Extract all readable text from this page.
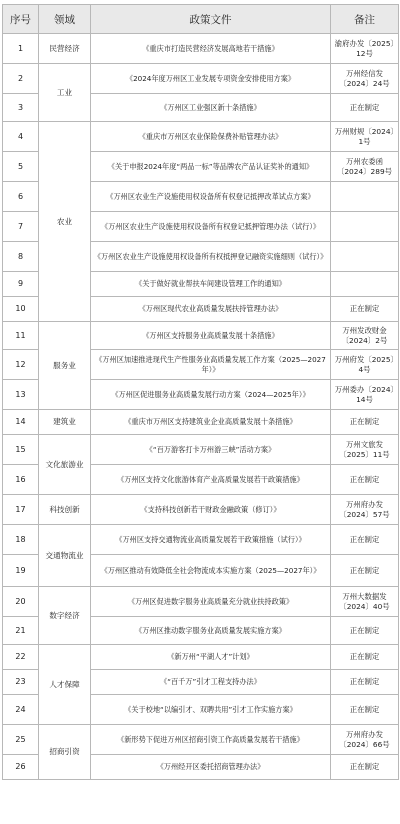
序号	领域	政策文件	备注
1	民营经济	《重庆市打造民营经济发展高地若干措施》	渝府办发〔2025〕12号
2	工业	《2024年度万州区工业发展专项资金安排使用方案》	万州经信发〔2024〕24号
3		《万州区工业强区新十条措施》	正在制定
4	农业	《重庆市万州区农业保险保费补贴管理办法》	万州财规〔2024〕1号
5		《关于申报2024年度“两品一标”等品牌农产品认证奖补的通知》	万州农委函〔2024〕289号
6		《万州区农业生产设施使用权设备所有权登记抵押改革试点方案》	
7		《万州区农业生产设施使用权设备所有权登记抵押管理办法（试行）》	
8		《万州区农业生产设施使用权设备所有权抵押登记融资实施细则（试行）》	
9		《关于做好就业帮扶车间建设管理工作的通知》	
10		《万州区现代农业高质量发展扶持管理办法》	正在制定
11	服务业	《万州区支持服务业高质量发展十条措施》	万州发改财金〔2024〕2号
12		《万州区加速推进现代生产性服务业高质量发展工作方案（2025—2027年）》	万州府发〔2025〕4号
13		《万州区促进服务业高质量发展行动方案（2024—2025年）》	万州委办〔2024〕14号
14	建筑业	《重庆市万州区支持建筑业企业高质量发展十条措施》	正在制定
15	文化旅游业	《“百万游客打卡万州游三峡”活动方案》	万州文旅发〔2025〕11号
16		《万州区支持文化旅游体育产业高质量发展若干政策措施》	正在制定
17	科技创新	《支持科技创新若干财政金融政策（修订）》	万州府办发〔2024〕57号
18	交通物流业	《万州区支持交通物流业高质量发展若干政策措施（试行）》	正在制定
19		《万州区推动有效降低全社会物流成本实施方案（2025—2027年）》	正在制定
20	数字经济	《万州区促进数字服务业高质量充分就业扶持政策》	万州大数据发〔2024〕40号
21		《万州区推动数字服务业高质量发展实施方案》	正在制定
22	人才保障	《新万州“平湖人才”计划》	正在制定
23		《“百千万”引才工程支持办法》	正在制定
24		《关于校地“以编引才、双聘共用”引才工作实施方案》	正在制定
25	招商引资	《新形势下促进万州区招商引资工作高质量发展若干措施》	万州府办发〔2024〕66号
26		《万州经开区委托招商管理办法》	正在制定
